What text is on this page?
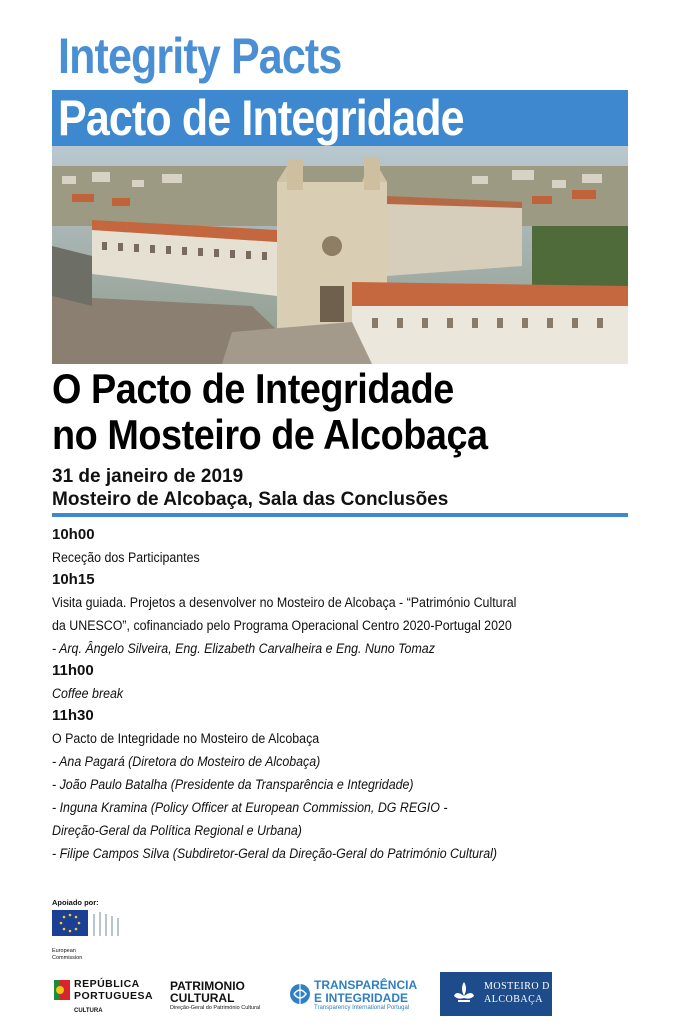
Integrity Pacts
Pacto de Integridade
O Pacto de Integridade
no Mosteiro de Alcobaça
31 de janeiro de 2019
Mosteiro de Alcobaça, Sala das Conclusões
10h00
Receção dos Participantes
10h15
Visita guiada. Projetos a desenvolver no Mosteiro de Alcobaça - “Património Cultural
da UNESCO”, cofinanciado pelo Programa Operacional Centro 2020-Portugal 2020
- Arq. Ângelo Silveira, Eng. Elizabeth Carvalheira e Eng. Nuno Tomaz
11h00
Coffee break
11h30
O Pacto de Integridade no Mosteiro de Alcobaça
- Ana Pagará (Diretora do Mosteiro de Alcobaça)
- João Paulo Batalha (Presidente da Transparência e Integridade)
- Inguna Kramina (Policy Officer at European Commission, DG REGIO -
Direção-Geral da Política Regional e Urbana)
- Filipe Campos Silva (Subdiretor-Geral da Direção-Geral do Património Cultural)
Apoiado por:
European
Commission
REPÚBLICA
PORTUGUESA
CULTURA
PATRIMONIO
CULTURAL
Direção-Geral do Património Cultural
TRANSPARÊNCIA
E INTEGRIDADE
Transparency International Portugal
MOSTEIRO D
ALCOBAÇA
